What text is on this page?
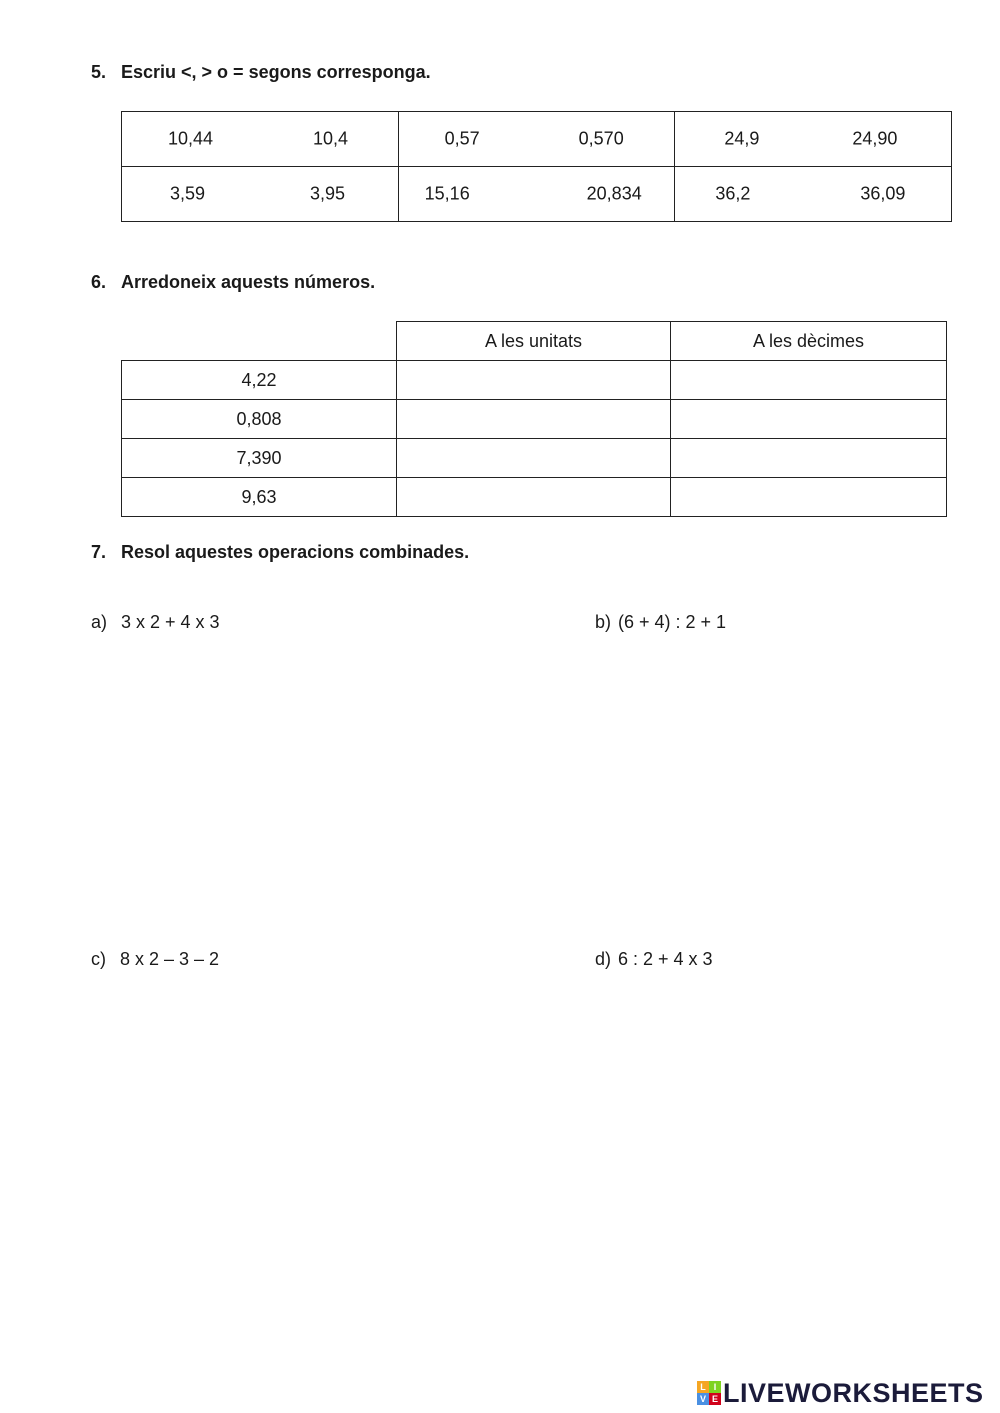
5. Escriu <, > o = segons corresponga.
10,44 10,4	0,57 0,570	24,9 24,90

3,59 3,95	15,16 20,834	36,2 36,09
6. Arredoneix aquests números.
	A les unitats	A les dècimes
4,22		
0,808		
7,390		
9,63		
7. Resol aquestes operacions combinades.
a) 3 x 2 + 4 x 3	b) (6 + 4) : 2 + 1
c) 8 x 2 – 3 – 2	d) 6 : 2 + 4 x 3
L I
V E LIVEWORKSHEETS
